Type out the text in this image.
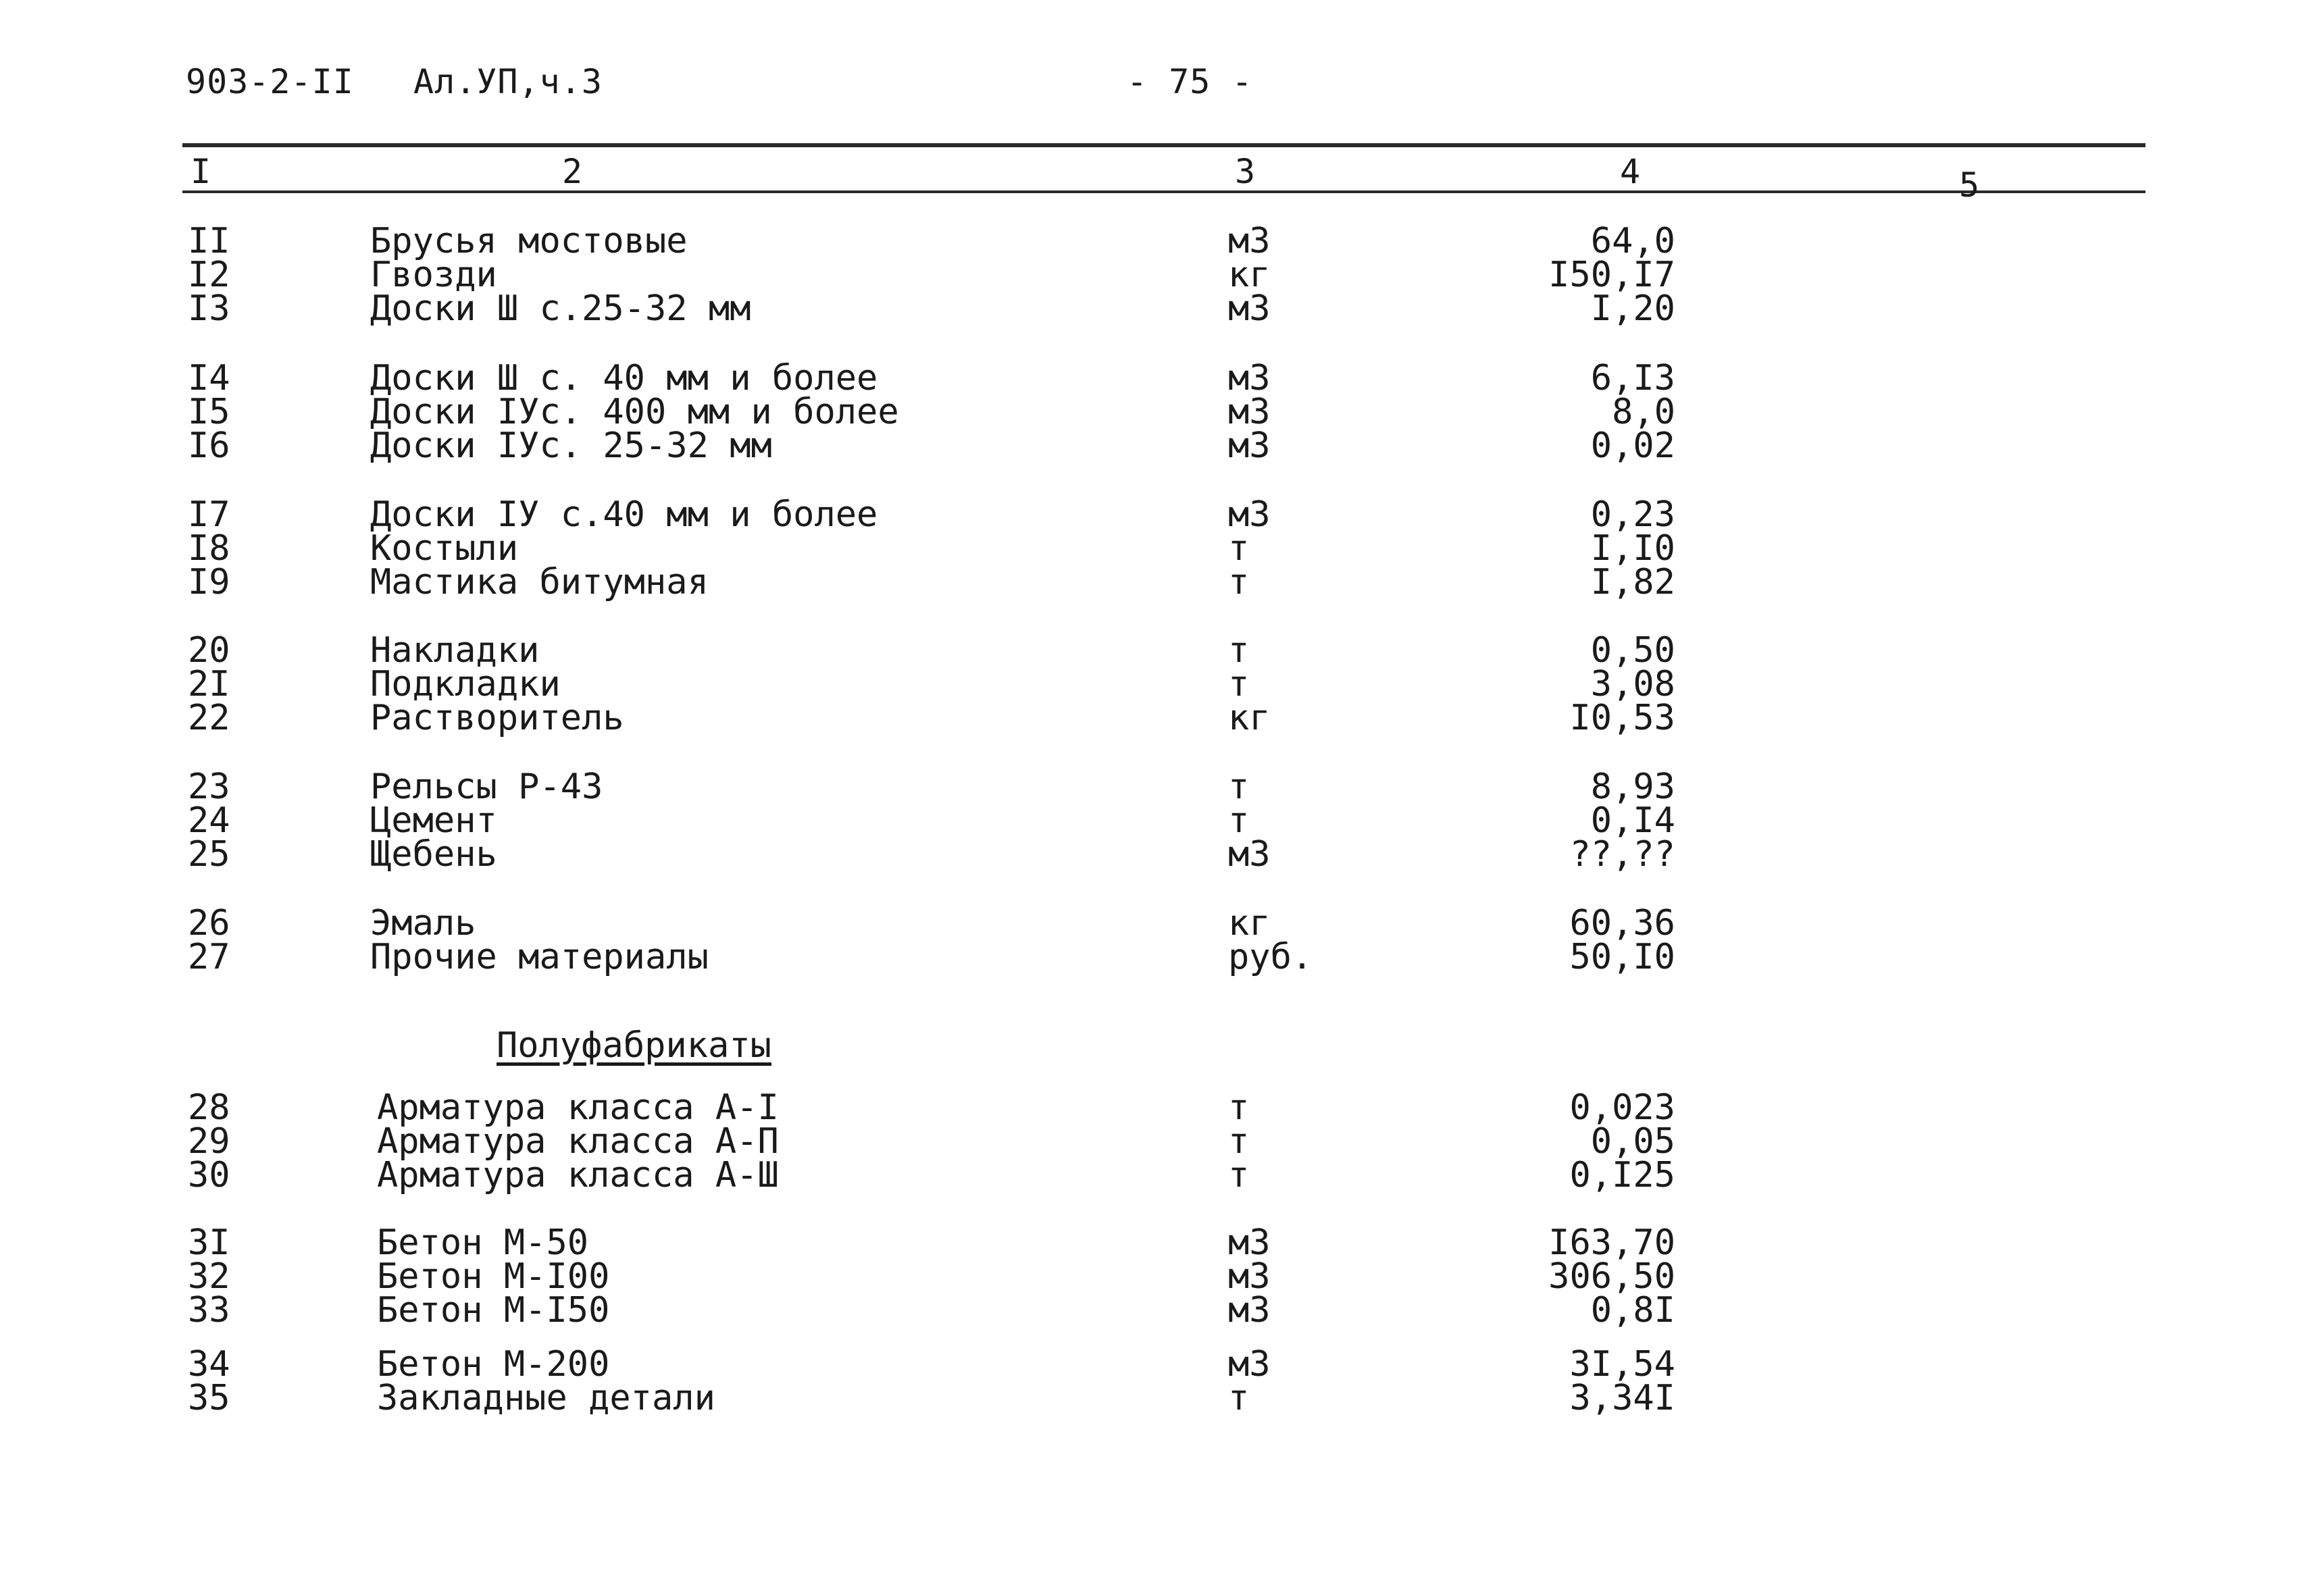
903-2-II Ал.УП,ч.3	- 75 -
I	2	3	4	5
II	Брусья мостовые	м3	64,0
I2	Гвозди	кг	I50,I7
I3	Доски Ш с.25-32 мм	м3	I,20
I4	Доски Ш с. 40 мм и более	м3	6,I3
I5	Доски IУс. 400 мм и более	м3	8,0
I6	Доски IУс. 25-32 мм	м3	0,02
I7	Доски IУ с.40 мм и более	м3	0,23
I8	Костыли	т	I,I0
I9	Мастика битумная	т	I,82
20	Накладки	т	0,50
2I	Подкладки	т	3,08
22	Растворитель	кг	I0,53
23	Рельсы Р-43	т	8,93
24	Цемент	т	0,I4
25	Щебень	м3	??,??
26	Эмаль	кг	60,36
27	Прочие материалы	руб.	50,I0
Полуфабрикаты
28	Арматура класса А-I	т	0,023
29	Арматура класса А-П	т	0,05
30	Арматура класса А-Ш	т	0,I25
3I	Бетон М-50	м3	I63,70
32	Бетон М-I00	м3	306,50
33	Бетон М-I50	м3	0,8I
34	Бетон М-200	м3	3I,54
35	Закладные детали	т	3,34I
